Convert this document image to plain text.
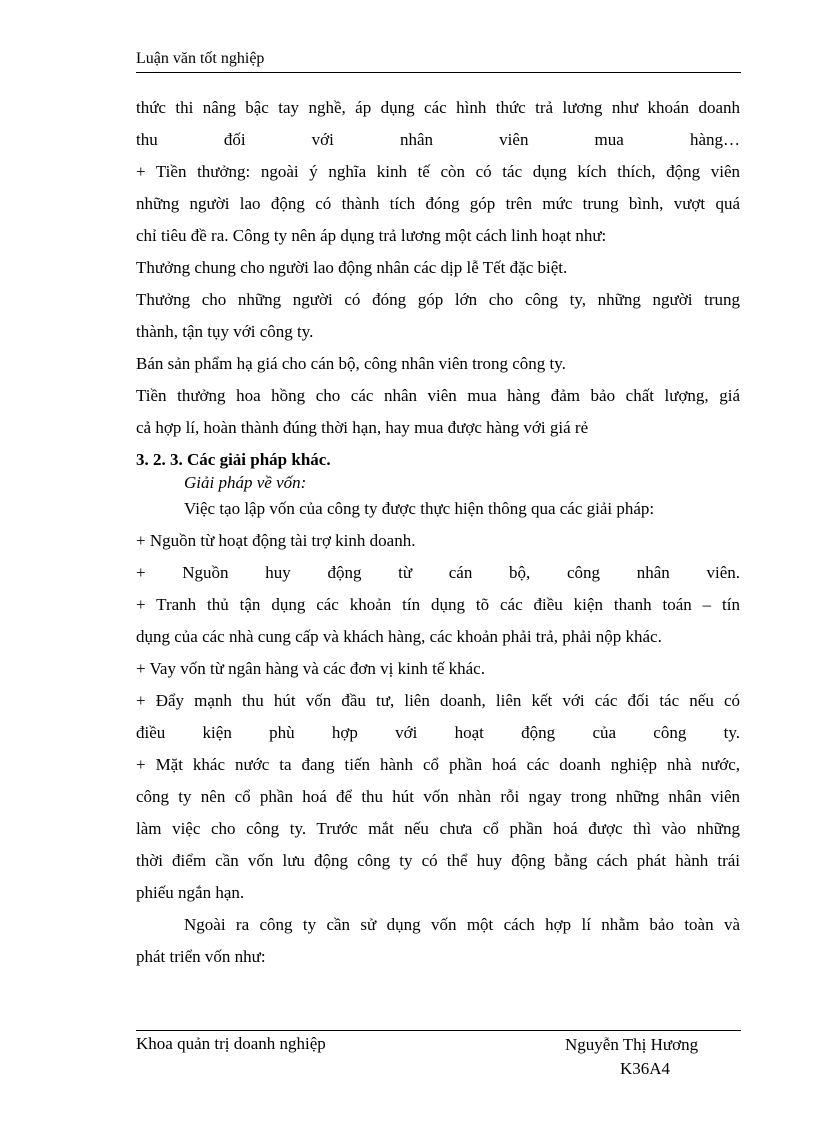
Luận văn tốt nghiệp
thức thi nâng bậc tay nghề, áp dụng các hình thức trả lương như khoán doanh
thu đối với nhân viên mua hàng…
+ Tiền thưởng: ngoài ý nghĩa kinh tế còn có tác dụng kích thích, động viên
những người lao động có thành tích đóng góp trên mức trung bình, vượt quá
chỉ tiêu đề ra. Công ty nên áp dụng trả lương một cách linh hoạt như:
Thưởng chung cho người lao động nhân các dịp lễ Tết đặc biệt.
Thưởng cho những người có đóng góp lớn cho công ty, những người trung
thành, tận tụy với công ty.
Bán sản phẩm hạ giá cho cán bộ, công nhân viên trong công ty.
Tiền thưởng hoa hồng cho các nhân viên mua hàng đảm bảo chất lượng, giá
cả hợp lí, hoàn thành đúng thời hạn, hay mua được hàng với giá rẻ
3. 2. 3. Các giải pháp khác.
Giải pháp về vốn:
Việc tạo lập vốn của công ty được thực hiện thông qua các giải pháp:
+ Nguồn từ hoạt động tài trợ kinh doanh.
+ Nguồn huy động từ cán bộ, công nhân viên.
+ Tranh thủ tận dụng các khoản tín dụng tõ các điều kiện thanh toán – tín
dụng của các nhà cung cấp và khách hàng, các khoản phải trả, phải nộp khác.
+ Vay vốn từ ngân hàng và các đơn vị kinh tế khác.
+ Đẩy mạnh thu hút vốn đầu tư, liên doanh, liên kết với các đối tác nếu có
điều kiện phù hợp với hoạt động của công ty.
+ Mặt khác nước ta đang tiến hành cổ phần hoá các doanh nghiệp nhà nước,
công ty nên cổ phần hoá để thu hút vốn nhàn rỗi ngay trong những nhân viên
làm việc cho công ty. Trước mắt nếu chưa cổ phần hoá được thì vào những
thời điểm cần vốn lưu động công ty có thể huy động bằng cách phát hành trái
phiếu ngắn hạn.
Ngoài ra công ty cần sử dụng vốn một cách hợp lí nhằm bảo toàn và
phát triển vốn như:
Khoa quản trị doanh nghiệp	Nguyễn Thị Hương
K36A4
